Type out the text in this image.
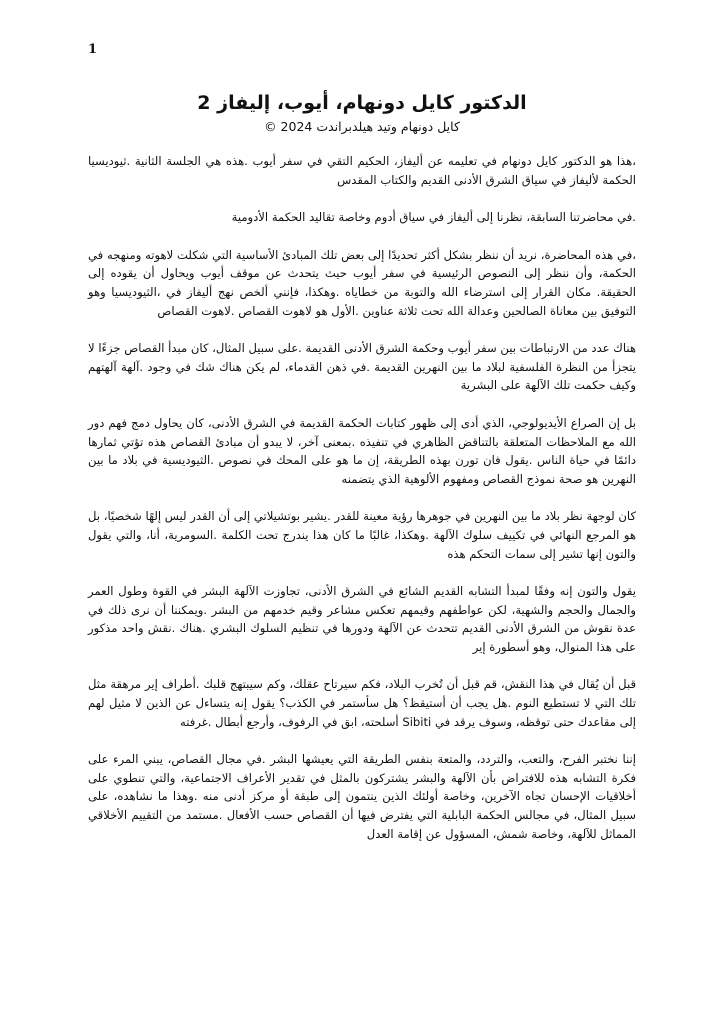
1
الدكتور كايل دونهام، أيوب، إليفاز 2

كايل دونهام وتيد هيلدبراندت 2024 ©

،هذا هو الدكتور كايل دونهام في تعليمه عن أليفاز، الحكيم التقي في سفر أيوب .هذه هي الجلسة الثانية .ثيوديسيا الحكمة لأليفاز في سياق الشرق الأدنى القديم والكتاب المقدس

.في محاضرتنا السابقة، نظرنا إلى أليفاز في سياق أدوم وخاصة تقاليد الحكمة الأدومية

،في هذه المحاضرة، نريد أن ننظر بشكل أكثر تحديدًا إلى بعض تلك المبادئ الأساسية التي شكلت لاهوته ومنهجه في الحكمة، وأن ننظر إلى النصوص الرئيسية في سفر أيوب حيث يتحدث عن موقف أيوب ويحاول أن يقوده إلى الحقيقة. مكان القرار إلى استرضاء الله والتوبة من خطاياه .وهكذا، فإنني ألخص نهج أليفاز في ،الثيوديسيا وهو التوفيق بين معاناة الصالحين وعدالة الله تحت ثلاثة عناوين .الأول هو لاهوت القصاص .لاهوت القصاص

هناك عدد من الارتباطات بين سفر أيوب وحكمة الشرق الأدنى القديمة .على سبيل المثال، كان مبدأ القصاص جزءًا لا يتجزأ من النظرة الفلسفية لبلاد ما بين النهرين القديمة .في ذهن القدماء، لم يكن هناك شك في وجود .آلهة آلهتهم وكيف حكمت تلك الآلهة على البشرية

بل إن الصراع الأيديولوجي، الذي أدى إلى ظهور كتابات الحكمة القديمة في الشرق الأدنى، كان يحاول دمج فهم دور الله مع الملاحظات المتعلقة بالتناقض الظاهري في تنفيذه .بمعنى آخر، لا يبدو أن مبادئ القصاص هذه تؤتي ثمارها دائمًا في حياة الناس .يقول فان تورن بهذه الطريقة، إن ما هو على المحك في نصوص .الثيوديسية في بلاد ما بين النهرين هو صحة نموذج القصاص ومفهوم الألوهية الذي يتضمنه

كان لوجهة نظر بلاد ما بين النهرين في جوهرها رؤية معينة للقدر .يشير بوتشيلاتي إلى أن القدر ليس إلهًا شخصيًا، بل هو المرجع النهائي في تكييف سلوك الآلهة .وهكذا، غالبًا ما كان هذا يندرج تحت الكلمة .السومرية، أنا، والتي يقول والتون إنها تشير إلى سمات التحكم هذه

يقول والتون إنه وفقًا لمبدأ التشابه القديم الشائع في الشرق الأدنى، تجاوزت الآلهة البشر في القوة وطول العمر والجمال والحجم والشهية، لكن عواطفهم وقيمهم تعكس مشاعر وقيم خدمهم من البشر .ويمكننا أن نرى ذلك في عدة نقوش من الشرق الأدنى القديم تتحدث عن الآلهة ودورها في تنظيم السلوك البشري .هناك .نقش واحد مذكور على هذا المنوال، وهو أسطورة إير

قبل أن يُقال في هذا النقش، قم قبل أن تُخرب البلاد، فكم سيرتاح عقلك، وكم سيبتهج قلبك .أطراف إير مرهقة مثل تلك التي لا تستطيع النوم .هل يجب أن أستيقظ؟ هل سأستمر في الكذب؟ يقول إنه يتساءل عن الذين لا مثيل لهم إلى مقاعدك حتى توقظه، وسوف يرقد في Sibiti أسلحته، ابق في الرفوف، وأرجع أبطال .غرفته

إننا نختبر الفرح، والتعب، والتردد، والمتعة بنفس الطريقة التي يعيشها البشر .في مجال القصاص، يبني المرء على فكرة التشابه هذه للافتراض بأن الآلهة والبشر يشتركون بالمثل في تقدير الأعراف الاجتماعية، والتي تنطوي على أخلاقيات الإحسان تجاه الآخرين، وخاصة أولئك الذين ينتمون إلى طبقة أو مركز أدنى منه .وهذا ما نشاهده، على سبيل المثال، في مجالس الحكمة البابلية التي يفترض فيها أن القصاص حسب الأفعال .مستمد من التقييم الأخلاقي المماثل للآلهة، وخاصة شمش، المسؤول عن إقامة العدل
